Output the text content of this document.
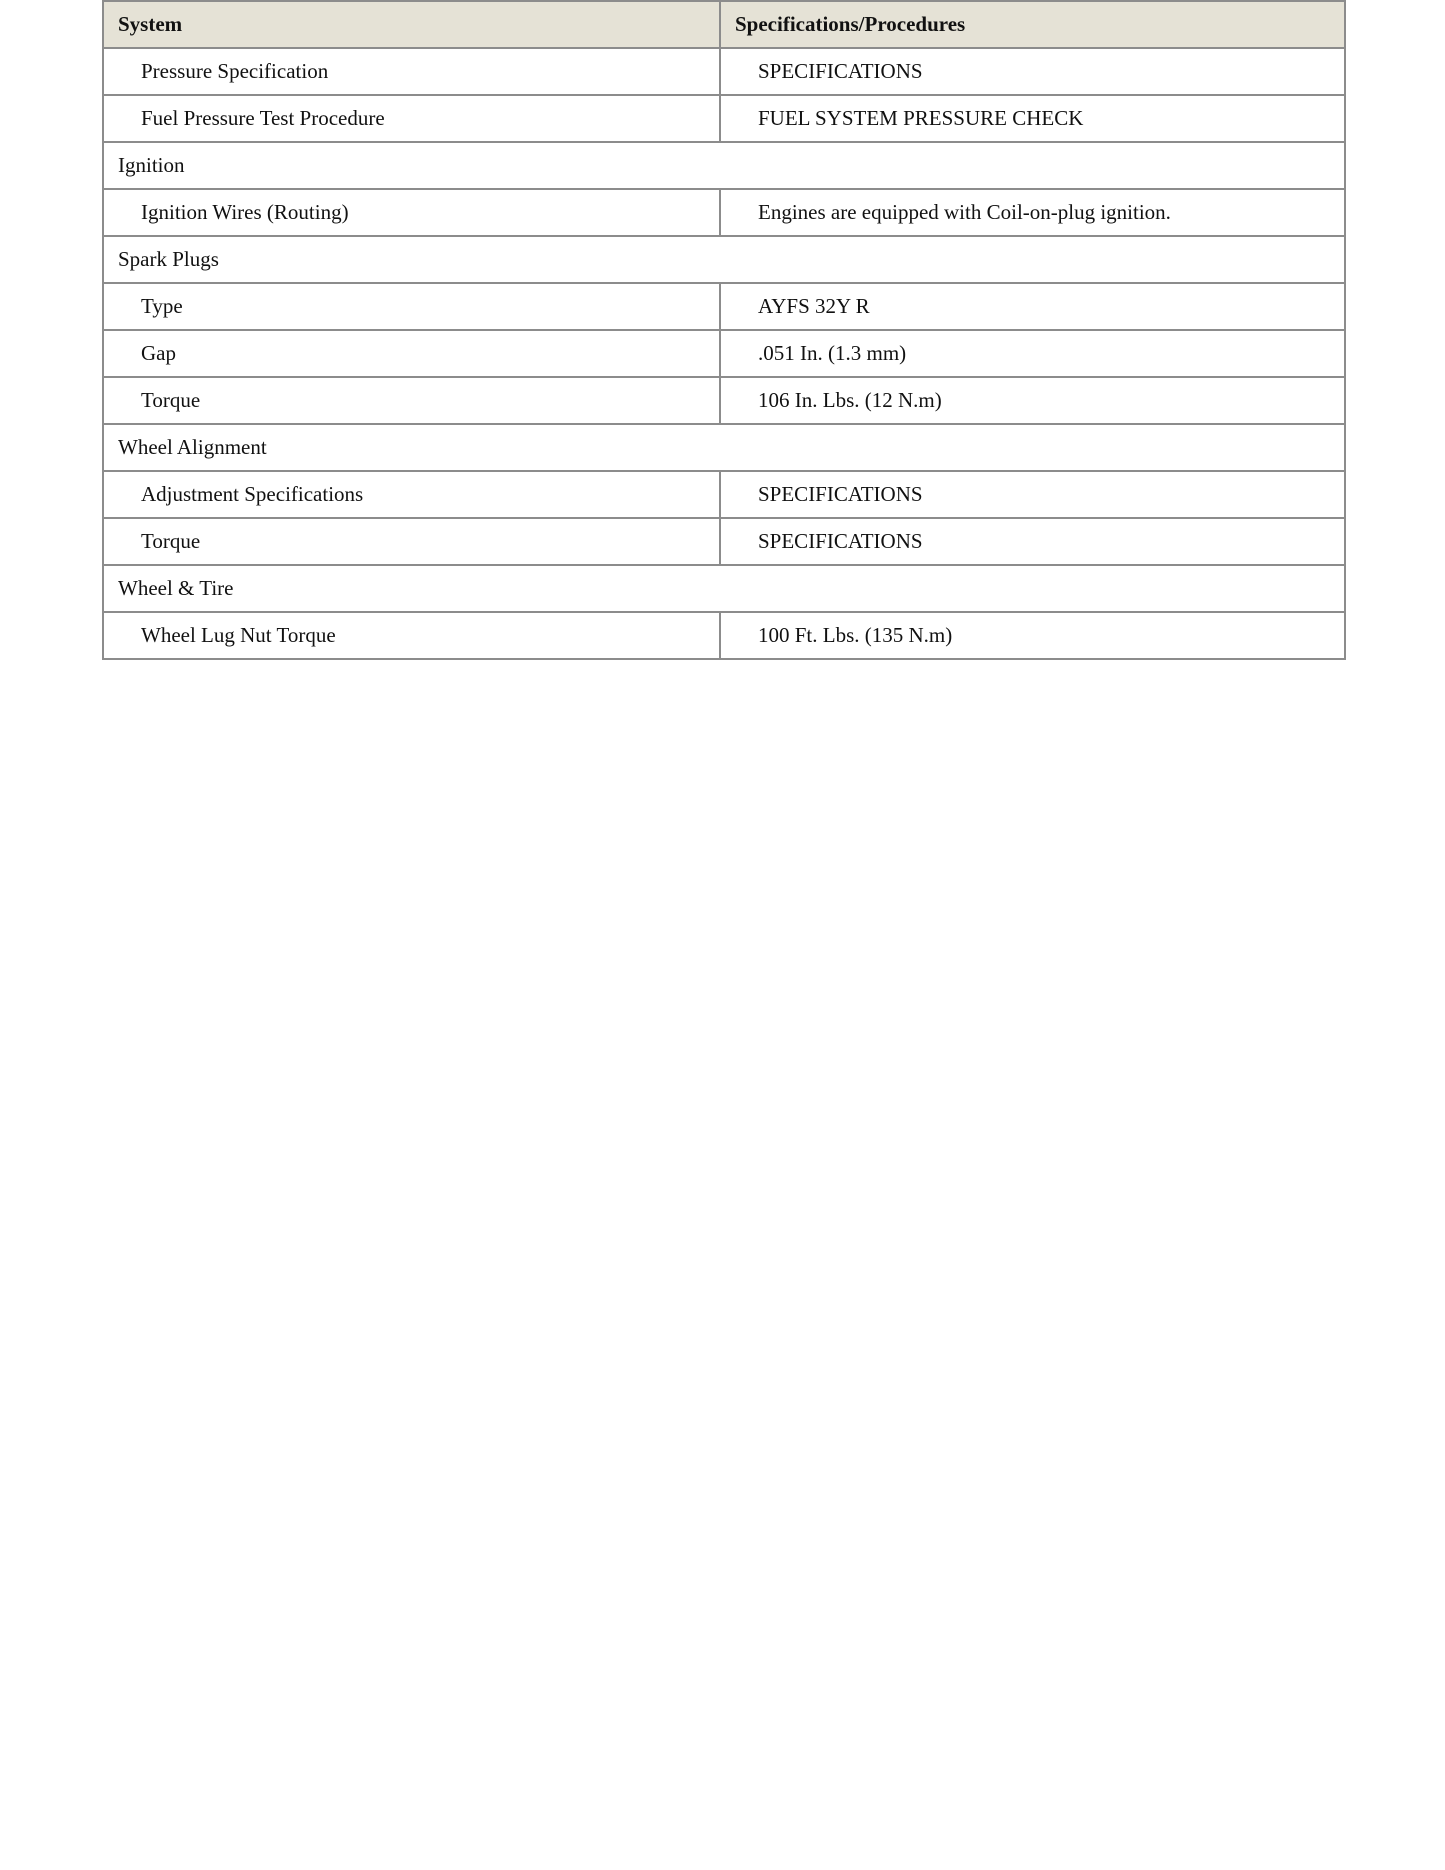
System	Specifications/Procedures
Pressure Specification	SPECIFICATIONS
Fuel Pressure Test Procedure	FUEL SYSTEM PRESSURE CHECK
Ignition	
Ignition Wires (Routing)	Engines are equipped with Coil-on-plug ignition.
Spark Plugs	
Type	AYFS 32Y R
Gap	.051 In. (1.3 mm)
Torque	106 In. Lbs. (12 N.m)
Wheel Alignment	
Adjustment Specifications	SPECIFICATIONS
Torque	SPECIFICATIONS
Wheel & Tire	
Wheel Lug Nut Torque	100 Ft. Lbs. (135 N.m)
